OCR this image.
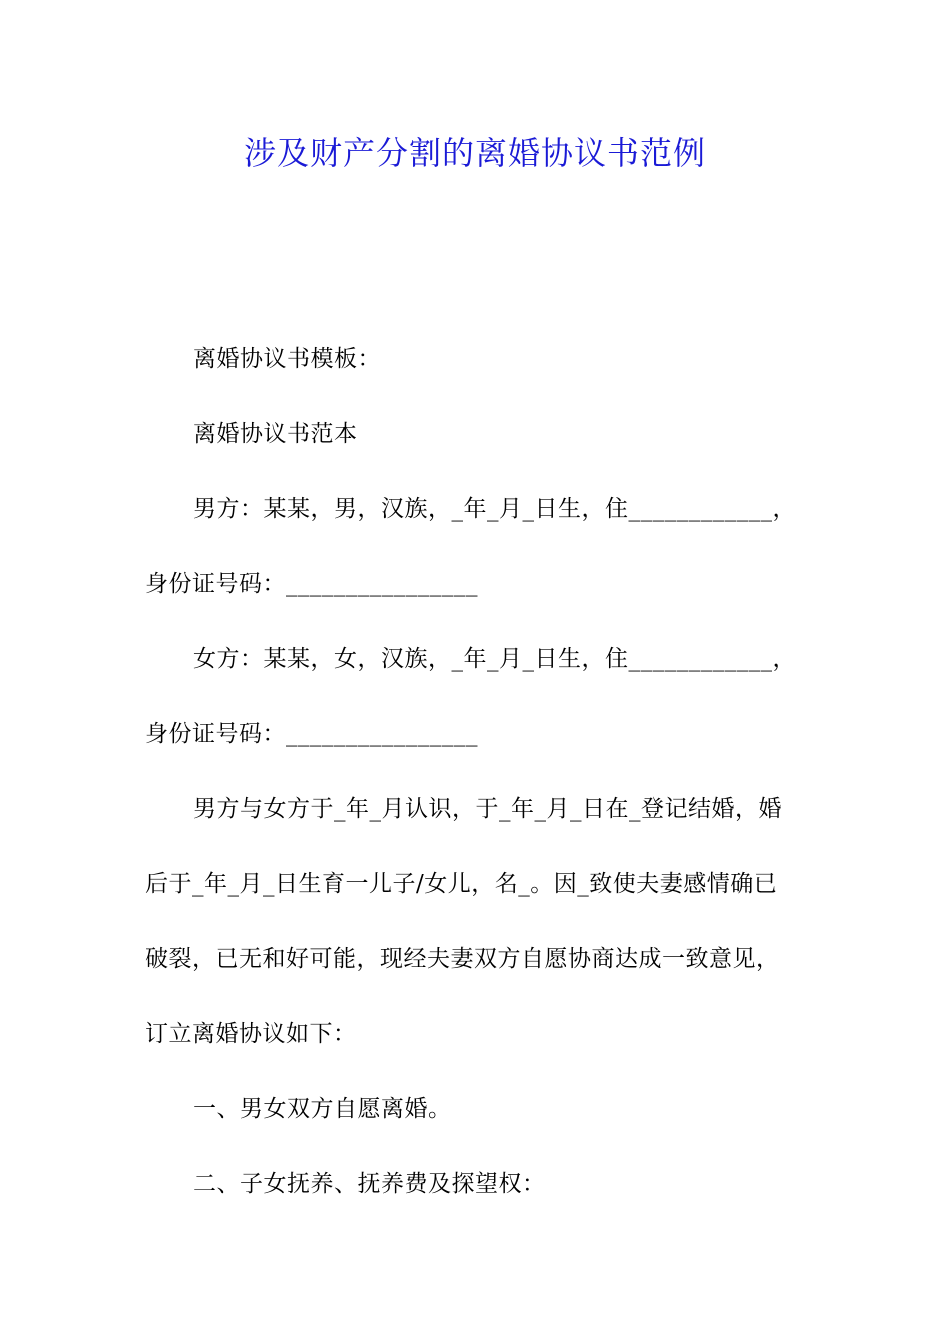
涉及财产分割的离婚协议书范例
离婚协议书模板：
离婚协议书范本
男方：某某，男，汉族，_年_月_日生，住____________，
身份证号码：________________
女方：某某，女，汉族，_年_月_日生，住____________，
身份证号码：________________
男方与女方于_年_月认识，于_年_月_日在_登记结婚，婚
后于_年_月_日生育一儿子/女儿，名_。因_致使夫妻感情确已
破裂，已无和好可能，现经夫妻双方自愿协商达成一致意见，
订立离婚协议如下：
一、男女双方自愿离婚。
二、子女抚养、抚养费及探望权：
